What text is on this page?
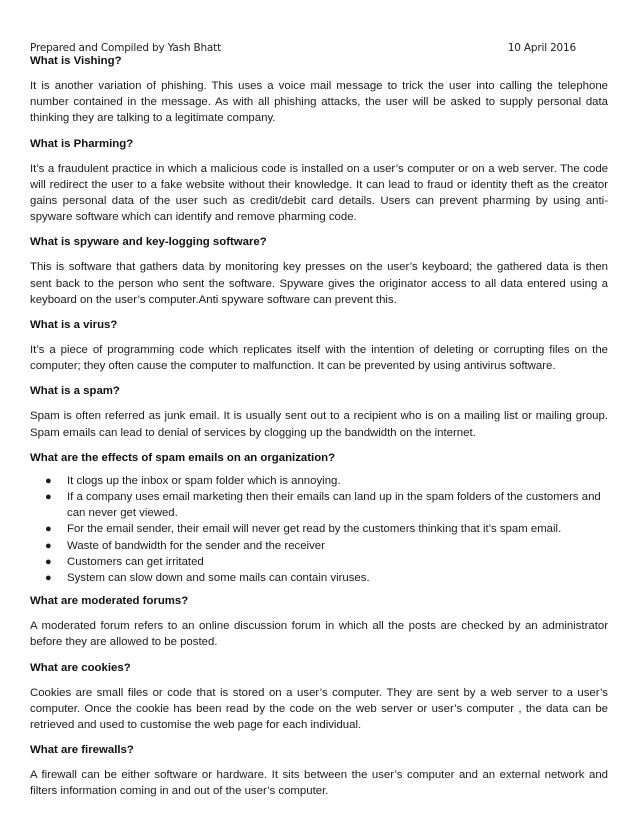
Prepared and Compiled by Yash Bhatt	10 April 2016
What is Vishing?

It is another variation of phishing. This uses a voice mail message to trick the user into calling the telephone number contained in the message. As with all phishing attacks, the user will be asked to supply personal data thinking they are talking to a legitimate company.

What is Pharming?

It’s a fraudulent practice in which a malicious code is installed on a user’s computer or on a web server. The code will redirect the user to a fake website without their knowledge. It can lead to fraud or identity theft as the creator gains personal data of the user such as credit/debit card details. Users can prevent pharming by using anti-spyware software which can identify and remove pharming code.

What is spyware and key-logging software?

This is software that gathers data by monitoring key presses on the user’s keyboard; the gathered data is then sent back to the person who sent the software. Spyware gives the originator access to all data entered using a keyboard on the user’s computer.Anti spyware software can prevent this.

What is a virus?

It’s a piece of programming code which replicates itself with the intention of deleting or corrupting files on the computer; they often cause the computer to malfunction. It can be prevented by using antivirus software.

What is a spam?

Spam is often referred as junk email. It is usually sent out to a recipient who is on a mailing list or mailing group. Spam emails can lead to denial of services by clogging up the bandwidth on the internet.

What are the effects of spam emails on an organization?
● It clogs up the inbox or spam folder which is annoying.
● If a company uses email marketing then their emails can land up in the spam folders of the customers and can never get viewed.
● For the email sender, their email will never get read by the customers thinking that it’s spam email.
● Waste of bandwidth for the sender and the receiver
● Customers can get irritated
● System can slow down and some mails can contain viruses.
What are moderated forums?

A moderated forum refers to an online discussion forum in which all the posts are checked by an administrator before they are allowed to be posted.

What are cookies?

Cookies are small files or code that is stored on a user’s computer. They are sent by a web server to a user’s computer. Once the cookie has been read by the code on the web server or user’s computer , the data can be retrieved and used to customise the web page for each individual.

What are firewalls?

A firewall can be either software or hardware. It sits between the user’s computer and an external network and filters information coming in and out of the user’s computer.
